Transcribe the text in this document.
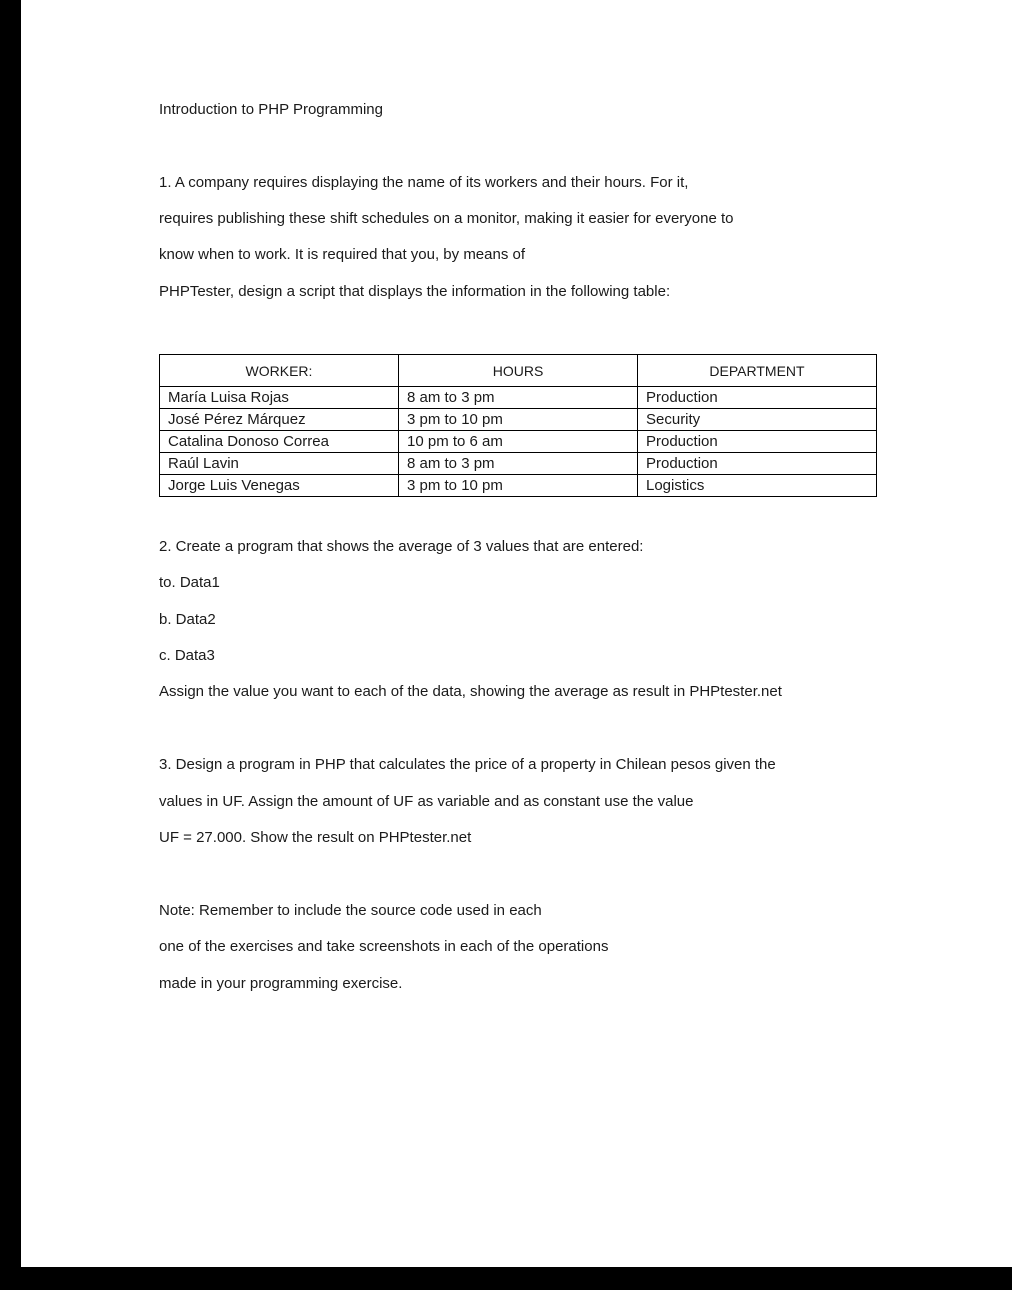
Introduction to PHP Programming
1. A company requires displaying the name of its workers and their hours. For it,
requires publishing these shift schedules on a monitor, making it easier for everyone to
know when to work. It is required that you, by means of
PHPTester, design a script that displays the information in the following table:
WORKER:	HOURS	DEPARTMENT
María Luisa Rojas	8 am to 3 pm	Production
José Pérez Márquez	3 pm to 10 pm	Security
Catalina Donoso Correa	10 pm to 6 am	Production
Raúl Lavin	8 am to 3 pm	Production
Jorge Luis Venegas	3 pm to 10 pm	Logistics
2. Create a program that shows the average of 3 values that are entered:
to. Data1
b. Data2
c. Data3
Assign the value you want to each of the data, showing the average as result in PHPtester.net
3. Design a program in PHP that calculates the price of a property in Chilean pesos given the
values in UF. Assign the amount of UF as variable and as constant use the value
UF = 27.000. Show the result on PHPtester.net
Note: Remember to include the source code used in each
one of the exercises and take screenshots in each of the operations
made in your programming exercise.
